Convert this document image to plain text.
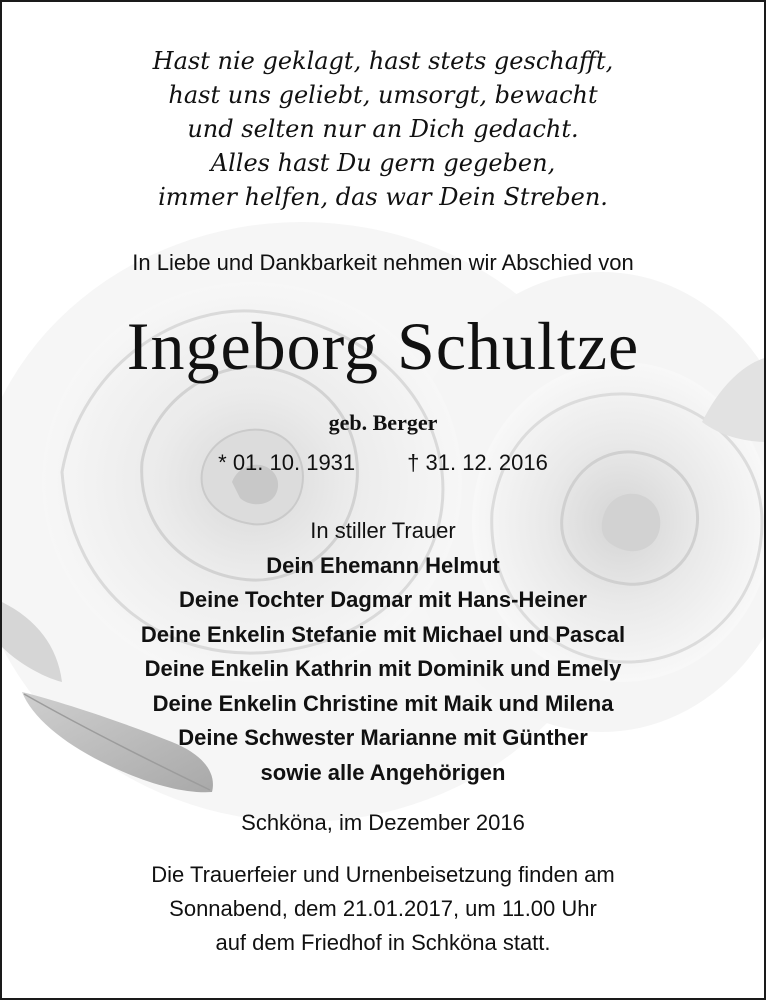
Hast nie geklagt, hast stets geschafft,
hast uns geliebt, umsorgt, bewacht
und selten nur an Dich gedacht.
Alles hast Du gern gegeben,
immer helfen, das war Dein Streben.
In Liebe und Dankbarkeit nehmen wir Abschied von
Ingeborg Schultze
geb. Berger
* 01. 10. 1931 † 31. 12. 2016
In stiller Trauer
Dein Ehemann Helmut
Deine Tochter Dagmar mit Hans-Heiner
Deine Enkelin Stefanie mit Michael und Pascal
Deine Enkelin Kathrin mit Dominik und Emely
Deine Enkelin Christine mit Maik und Milena
Deine Schwester Marianne mit Günther
sowie alle Angehörigen
Schköna, im Dezember 2016
Die Trauerfeier und Urnenbeisetzung finden am
Sonnabend, dem 21.01.2017, um 11.00 Uhr
auf dem Friedhof in Schköna statt.
